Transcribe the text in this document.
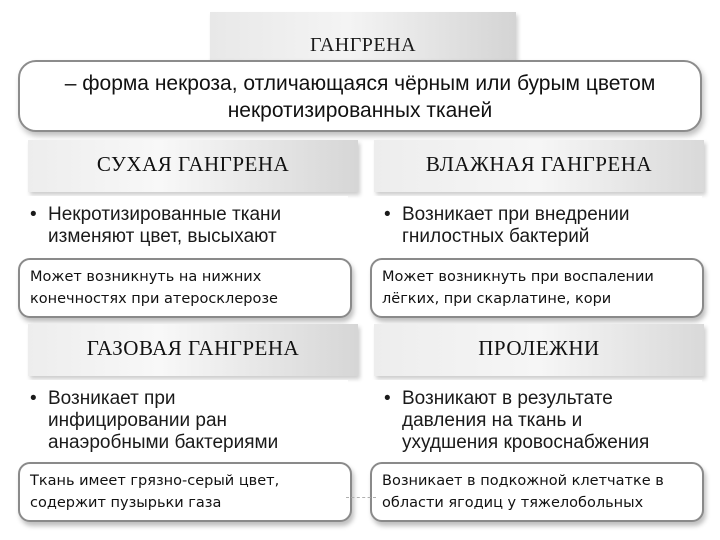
ГАНГРЕНА
– форма некроза, отличающаяся чёрным или бурым цветом
некротизированных тканей
СУХАЯ ГАНГРЕНА
• Некротизированные ткани
изменяют цвет, высыхают
Может возникнуть на нижних
конечностях при атеросклерозе
ВЛАЖНАЯ ГАНГРЕНА
• Возникает при внедрении
гнилостных бактерий
Может возникнуть при воспалении
лёгких, при скарлатине, кори
ГАЗОВАЯ ГАНГРЕНА
• Возникает при
инфицировании ран
анаэробными бактериями
Ткань имеет грязно-серый цвет,
содержит пузырьки газа
ПРОЛЕЖНИ
• Возникают в результате
давления на ткань и
ухудшения кровоснабжения
Возникает в подкожной клетчатке в
области ягодиц у тяжелобольных
